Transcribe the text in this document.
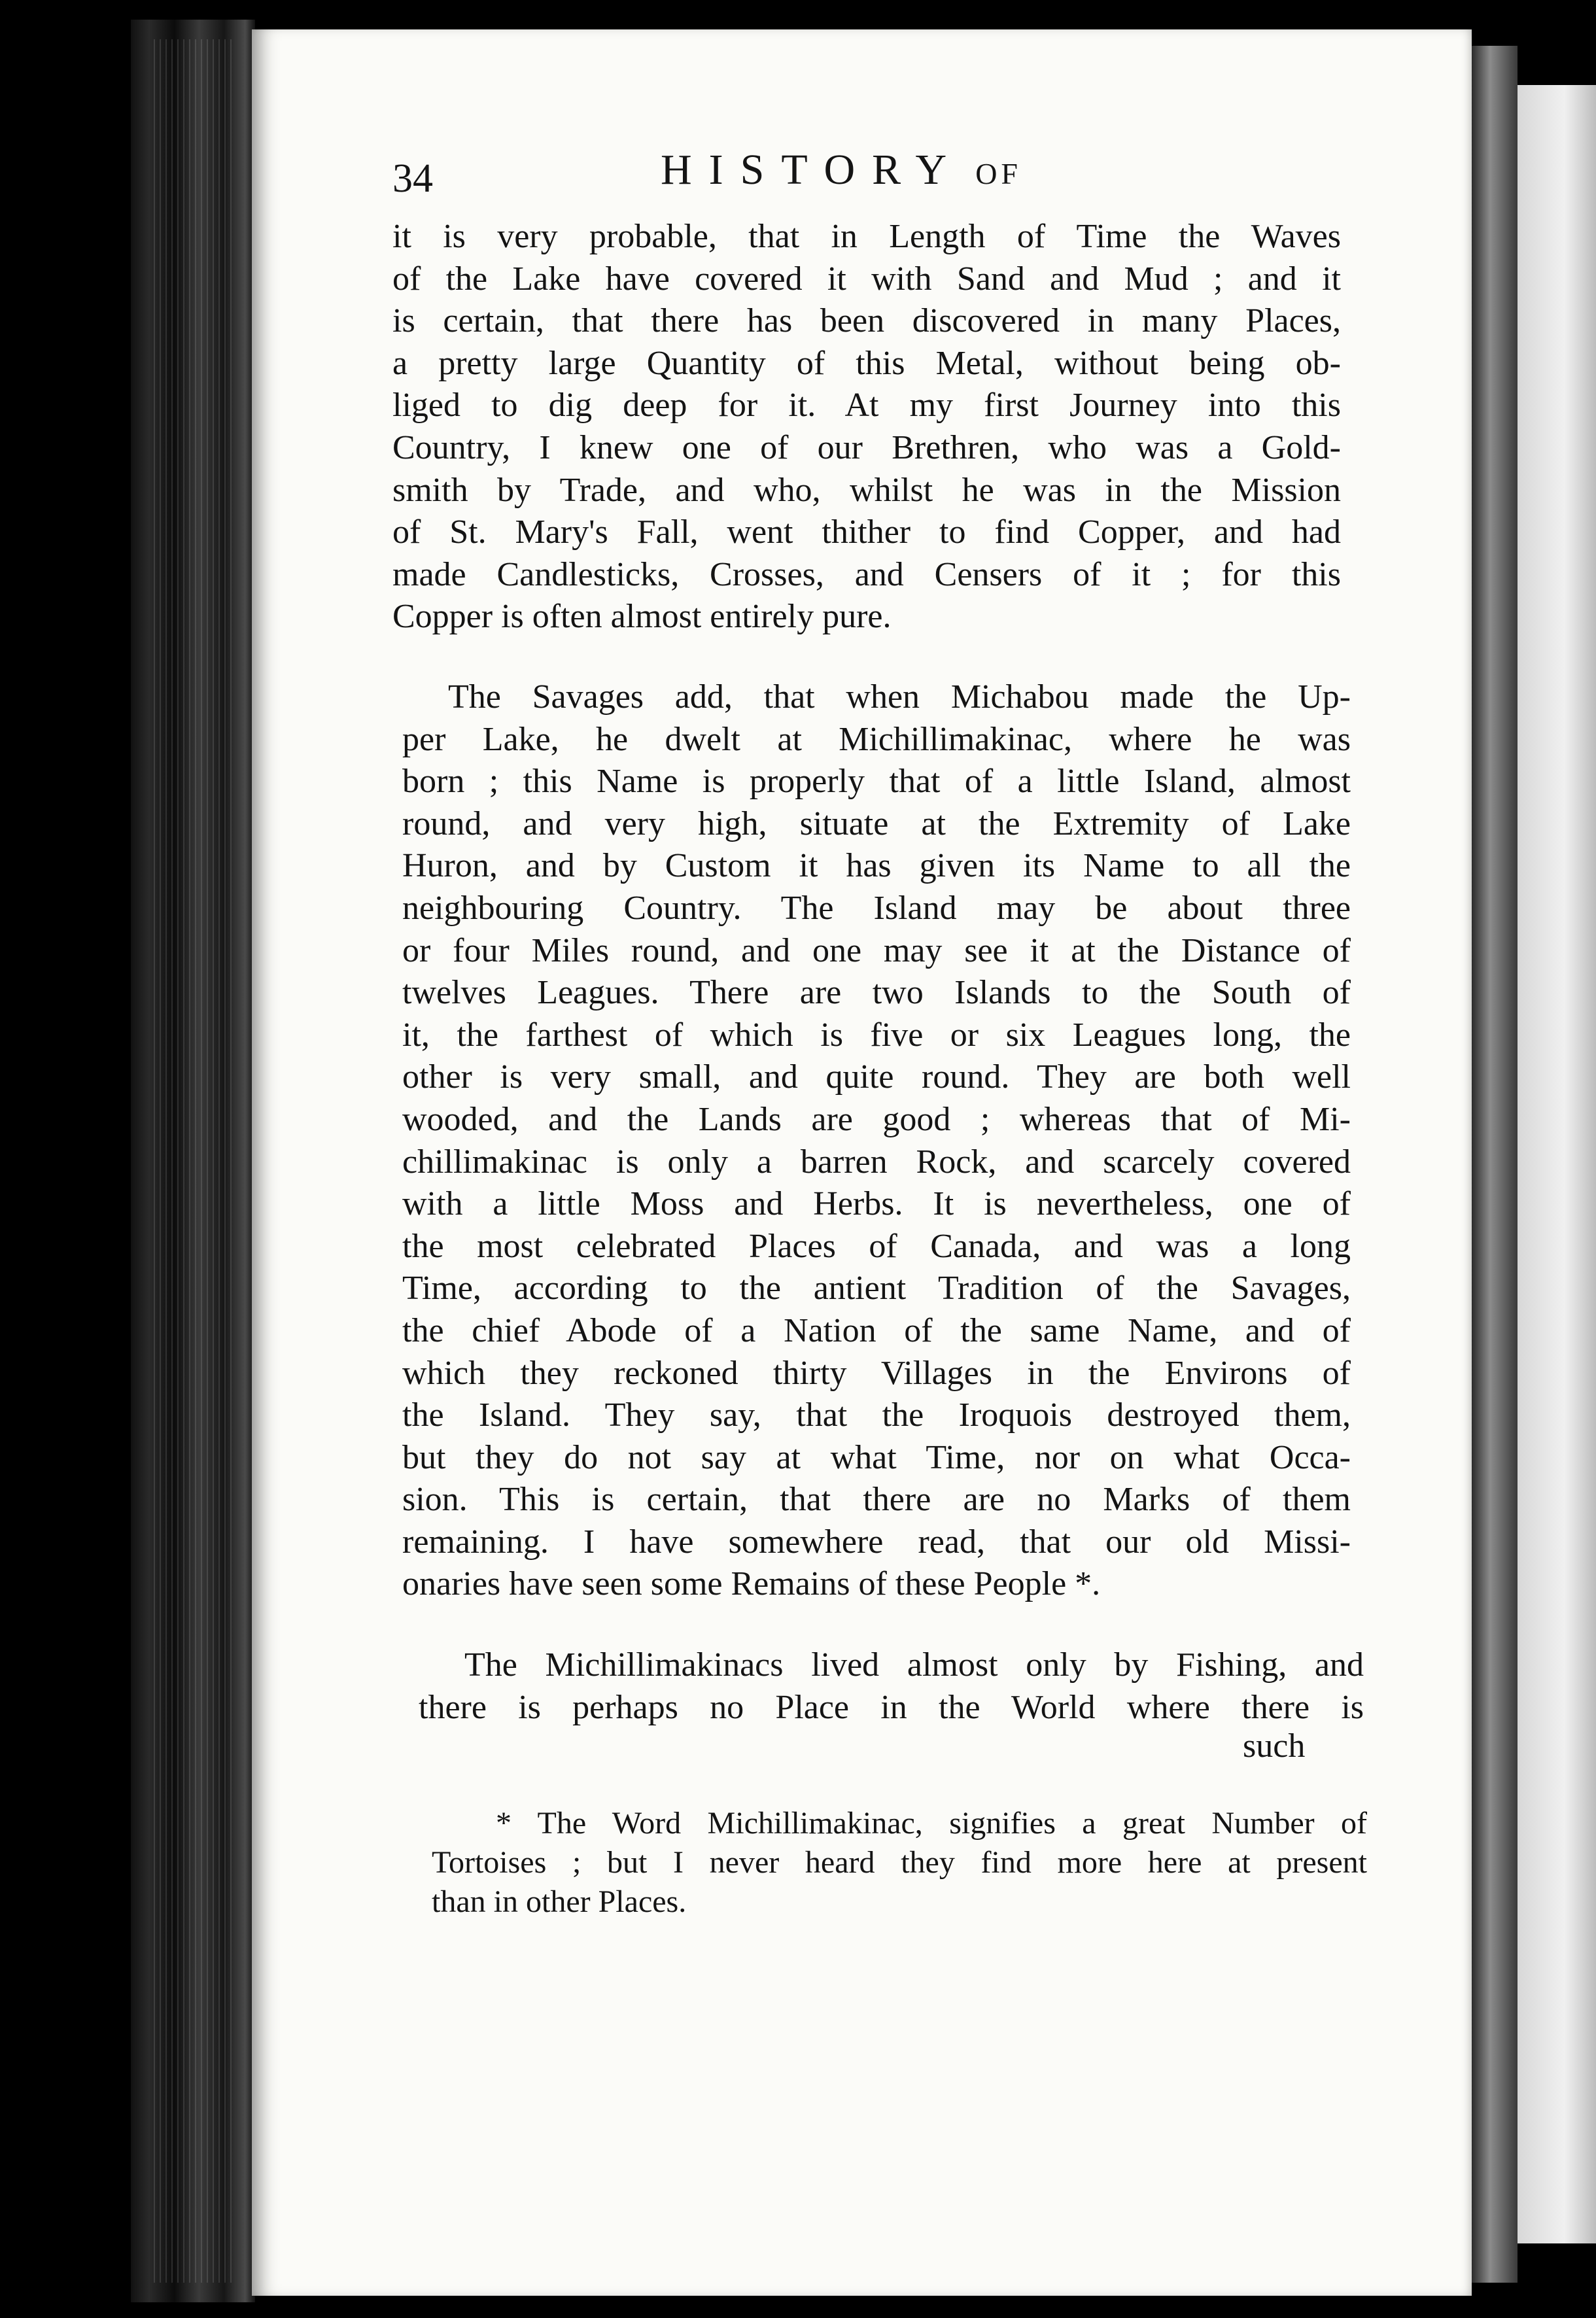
34	HISTORY OF

it is very probable, that in Length of Time the Waves
of the Lake have covered it with Sand and Mud ; and it
is certain, that there has been discovered in many Places,
a pretty large Quantity of this Metal, without being ob-
liged to dig deep for it. At my first Journey into this
Country, I knew one of our Brethren, who was a Gold-
smith by Trade, and who, whilst he was in the Mission
of St. Mary's Fall, went thither to find Copper, and had
made Candlesticks, Crosses, and Censers of it ; for this
Copper is often almost entirely pure.
The Savages add, that when Michabou made the Up-
per Lake, he dwelt at Michillimakinac, where he was
born ; this Name is properly that of a little Island, almost
round, and very high, situate at the Extremity of Lake
Huron, and by Custom it has given its Name to all the
neighbouring Country. The Island may be about three
or four Miles round, and one may see it at the Distance of
twelves Leagues. There are two Islands to the South of
it, the farthest of which is five or six Leagues long, the
other is very small, and quite round. They are both well
wooded, and the Lands are good ; whereas that of Mi-
chillimakinac is only a barren Rock, and scarcely covered
with a little Moss and Herbs. It is nevertheless, one of
the most celebrated Places of Canada, and was a long
Time, according to the antient Tradition of the Savages,
the chief Abode of a Nation of the same Name, and of
which they reckoned thirty Villages in the Environs of
the Island. They say, that the Iroquois destroyed them,
but they do not say at what Time, nor on what Occa-
sion. This is certain, that there are no Marks of them
remaining. I have somewhere read, that our old Missi-
onaries have seen some Remains of these People *.
The Michillimakinacs lived almost only by Fishing, and
there is perhaps no Place in the World where there is
such
* The Word Michillimakinac, signifies a great Number of
Tortoises ; but I never heard they find more here at present
than in other Places.
